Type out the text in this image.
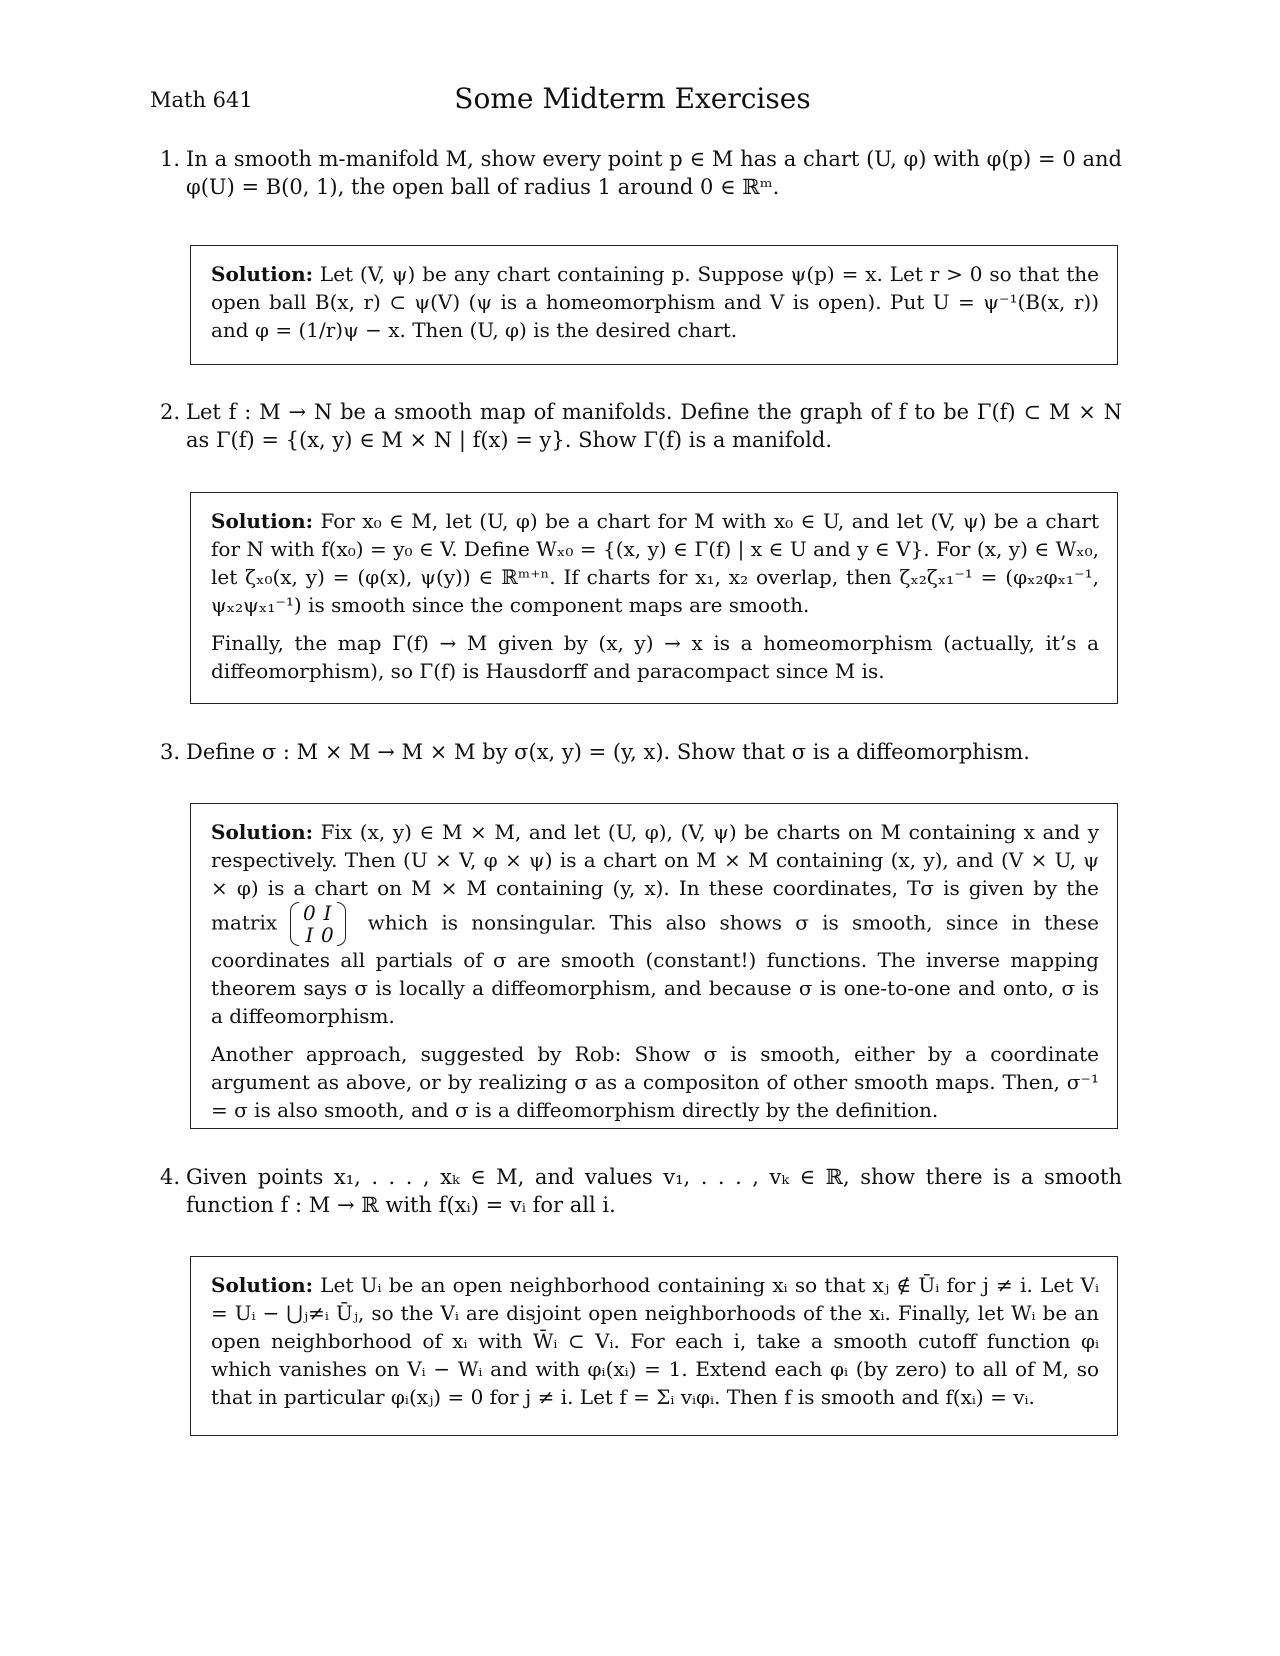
Math 641	Some Midterm Exercises
1. In a smooth m-manifold M, show every point p ∈ M has a chart (U, φ) with φ(p) = 0 and φ(U) = B(0, 1), the open ball of radius 1 around 0 ∈ ℝᵐ.

Solution: Let (V, ψ) be any chart containing p. Suppose ψ(p) = x. Let r > 0 so that the open ball B(x, r) ⊂ ψ(V) (ψ is a homeomorphism and V is open). Put U = ψ⁻¹(B(x, r)) and φ = (1/r)ψ − x. Then (U, φ) is the desired chart.

2. Let f : M → N be a smooth map of manifolds. Define the graph of f to be Γ(f) ⊂ M × N as Γ(f) = {(x, y) ∈ M × N | f(x) = y}. Show Γ(f) is a manifold.

Solution: For x₀ ∈ M, let (U, φ) be a chart for M with x₀ ∈ U, and let (V, ψ) be a chart for N with f(x₀) = y₀ ∈ V. Define Wₓ₀ = {(x, y) ∈ Γ(f) | x ∈ U and y ∈ V}. For (x, y) ∈ Wₓ₀, let ζₓ₀(x, y) = (φ(x), ψ(y)) ∈ ℝᵐ⁺ⁿ. If charts for x₁, x₂ overlap, then ζₓ₂ζₓ₁⁻¹ = (φₓ₂φₓ₁⁻¹, ψₓ₂ψₓ₁⁻¹) is smooth since the component maps are smooth.

Finally, the map Γ(f) → M given by (x, y) → x is a homeomorphism (actually, it’s a diffeomorphism), so Γ(f) is Hausdorff and paracompact since M is.

3. Define σ : M × M → M × M by σ(x, y) = (y, x). Show that σ is a diffeomorphism.

Solution: Fix (x, y) ∈ M × M, and let (U, φ), (V, ψ) be charts on M containing x and y respectively. Then (U × V, φ × ψ) is a chart on M × M containing (x, y), and (V × U, ψ × φ) is a chart on M × M containing (y, x). In these coordinates, Tσ is given by the matrix 0 I
I 0 which is nonsingular. This also shows σ is smooth, since in these coordinates all partials of σ are smooth (constant!) functions. The inverse mapping theorem says σ is locally a diffeomorphism, and because σ is one-to-one and onto, σ is a diffeomorphism.

Another approach, suggested by Rob: Show σ is smooth, either by a coordinate argument as above, or by realizing σ as a compositon of other smooth maps. Then, σ⁻¹ = σ is also smooth, and σ is a diffeomorphism directly by the definition.

4. Given points x₁, . . . , xₖ ∈ M, and values v₁, . . . , vₖ ∈ ℝ, show there is a smooth function f : M → ℝ with f(xᵢ) = vᵢ for all i.

Solution: Let Uᵢ be an open neighborhood containing xᵢ so that xⱼ ∉ Ūᵢ for j ≠ i. Let Vᵢ = Uᵢ − ⋃ⱼ≠ᵢ Ūⱼ, so the Vᵢ are disjoint open neighborhoods of the xᵢ. Finally, let Wᵢ be an open neighborhood of xᵢ with W̄ᵢ ⊂ Vᵢ. For each i, take a smooth cutoff function φᵢ which vanishes on Vᵢ − Wᵢ and with φᵢ(xᵢ) = 1. Extend each φᵢ (by zero) to all of M, so that in particular φᵢ(xⱼ) = 0 for j ≠ i. Let f = Σᵢ vᵢφᵢ. Then f is smooth and f(xᵢ) = vᵢ.
